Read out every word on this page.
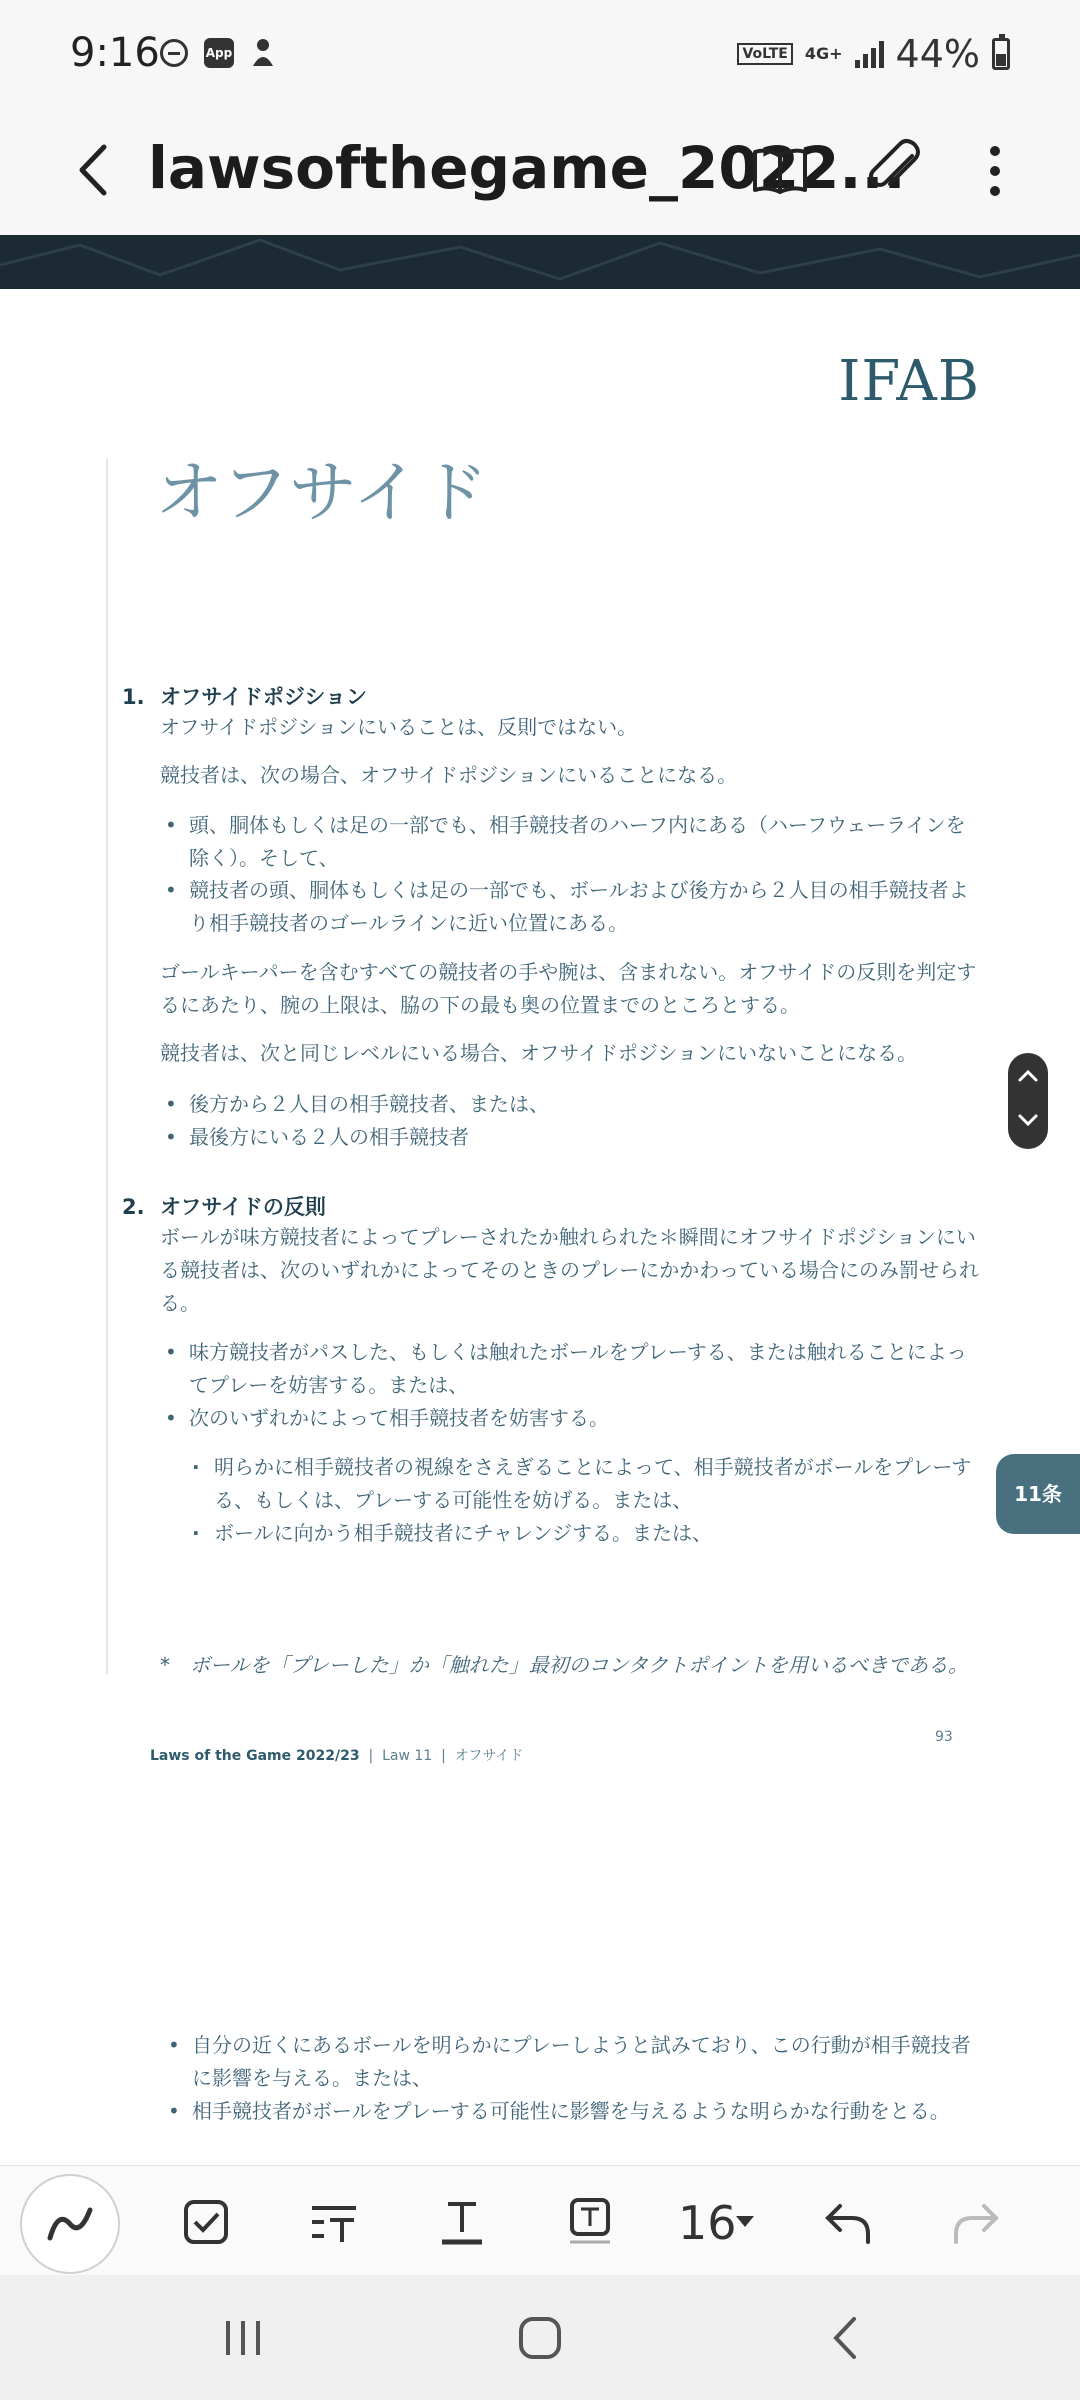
9:16	App	VoLTE	4G+ 44%
lawsofthegame_2022...
IFAB
オフサイド
1. オフサイドポジション
オフサイドポジションにいることは、反則ではない。
競技者は、次の場合、オフサイドポジションにいることになる。
• 頭、胴体もしくは足の一部でも、相手競技者のハーフ内にある（ハーフウェーラインを除く）。そして、
• 競技者の頭、胴体もしくは足の一部でも、ボールおよび後方から２人目の相手競技者より相手競技者のゴールラインに近い位置にある。
ゴールキーパーを含むすべての競技者の手や腕は、含まれない。オフサイドの反則を判定するにあたり、腕の上限は、脇の下の最も奥の位置までのところとする。
競技者は、次と同じレベルにいる場合、オフサイドポジションにいないことになる。
• 後方から２人目の相手競技者、または、
• 最後方にいる２人の相手競技者
2. オフサイドの反則
ボールが味方競技者によってプレーされたか触れられた＊瞬間にオフサイドポジションにいる競技者は、次のいずれかによってそのときのプレーにかかわっている場合にのみ罰せられる。
• 味方競技者がパスした、もしくは触れたボールをプレーする、または触れることによってプレーを妨害する。または、
• 次のいずれかによって相手競技者を妨害する。
· 明らかに相手競技者の視線をさえぎることによって、相手競技者がボールをプレーする、もしくは、プレーする可能性を妨げる。または、
· ボールに向かう相手競技者にチャレンジする。または、
* ボールを「プレーした」か「触れた」最初のコンタクトポイントを用いるべきである。
Laws of the Game 2022/23 | Law 11 | オフサイド
93
• 自分の近くにあるボールを明らかにプレーしようと試みており、この行動が相手競技者に影響を与える。または、
• 相手競技者がボールをプレーする可能性に影響を与えるような明らかな行動をとる。
11条
16
